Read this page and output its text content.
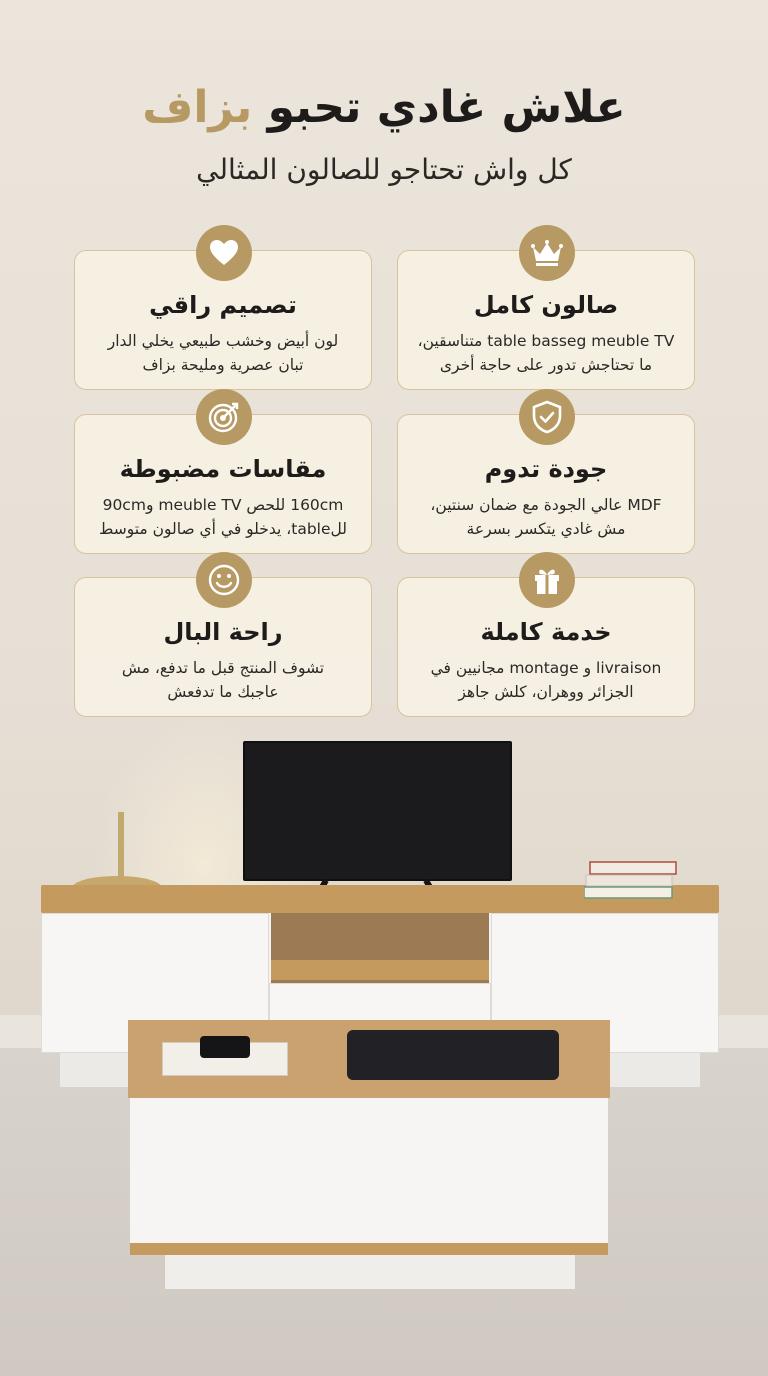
علاش غادي تحبو بزاف
كل واش تحتاجو للصالون المثالي
صالون كامل
table basseg meuble TV متناسقين،
ما تحتاجش تدور على حاجة أخرى
تصميم راقي
لون أبيض وخشب طبيعي يخلي الدار
تبان عصرية ومليحة بزاف
جودة تدوم
MDF عالي الجودة مع ضمان سنتين،
مش غادي يتكسر بسرعة
مقاسات مضبوطة
160cm للحص meuble TV و90cm
للtable، يدخلو في أي صالون متوسط
خدمة كاملة
livraison و montage مجانيين في
الجزائر ووهران، كلش جاهز
راحة البال
تشوف المنتج قبل ما تدفع، مش
عاجبك ما تدفعش
